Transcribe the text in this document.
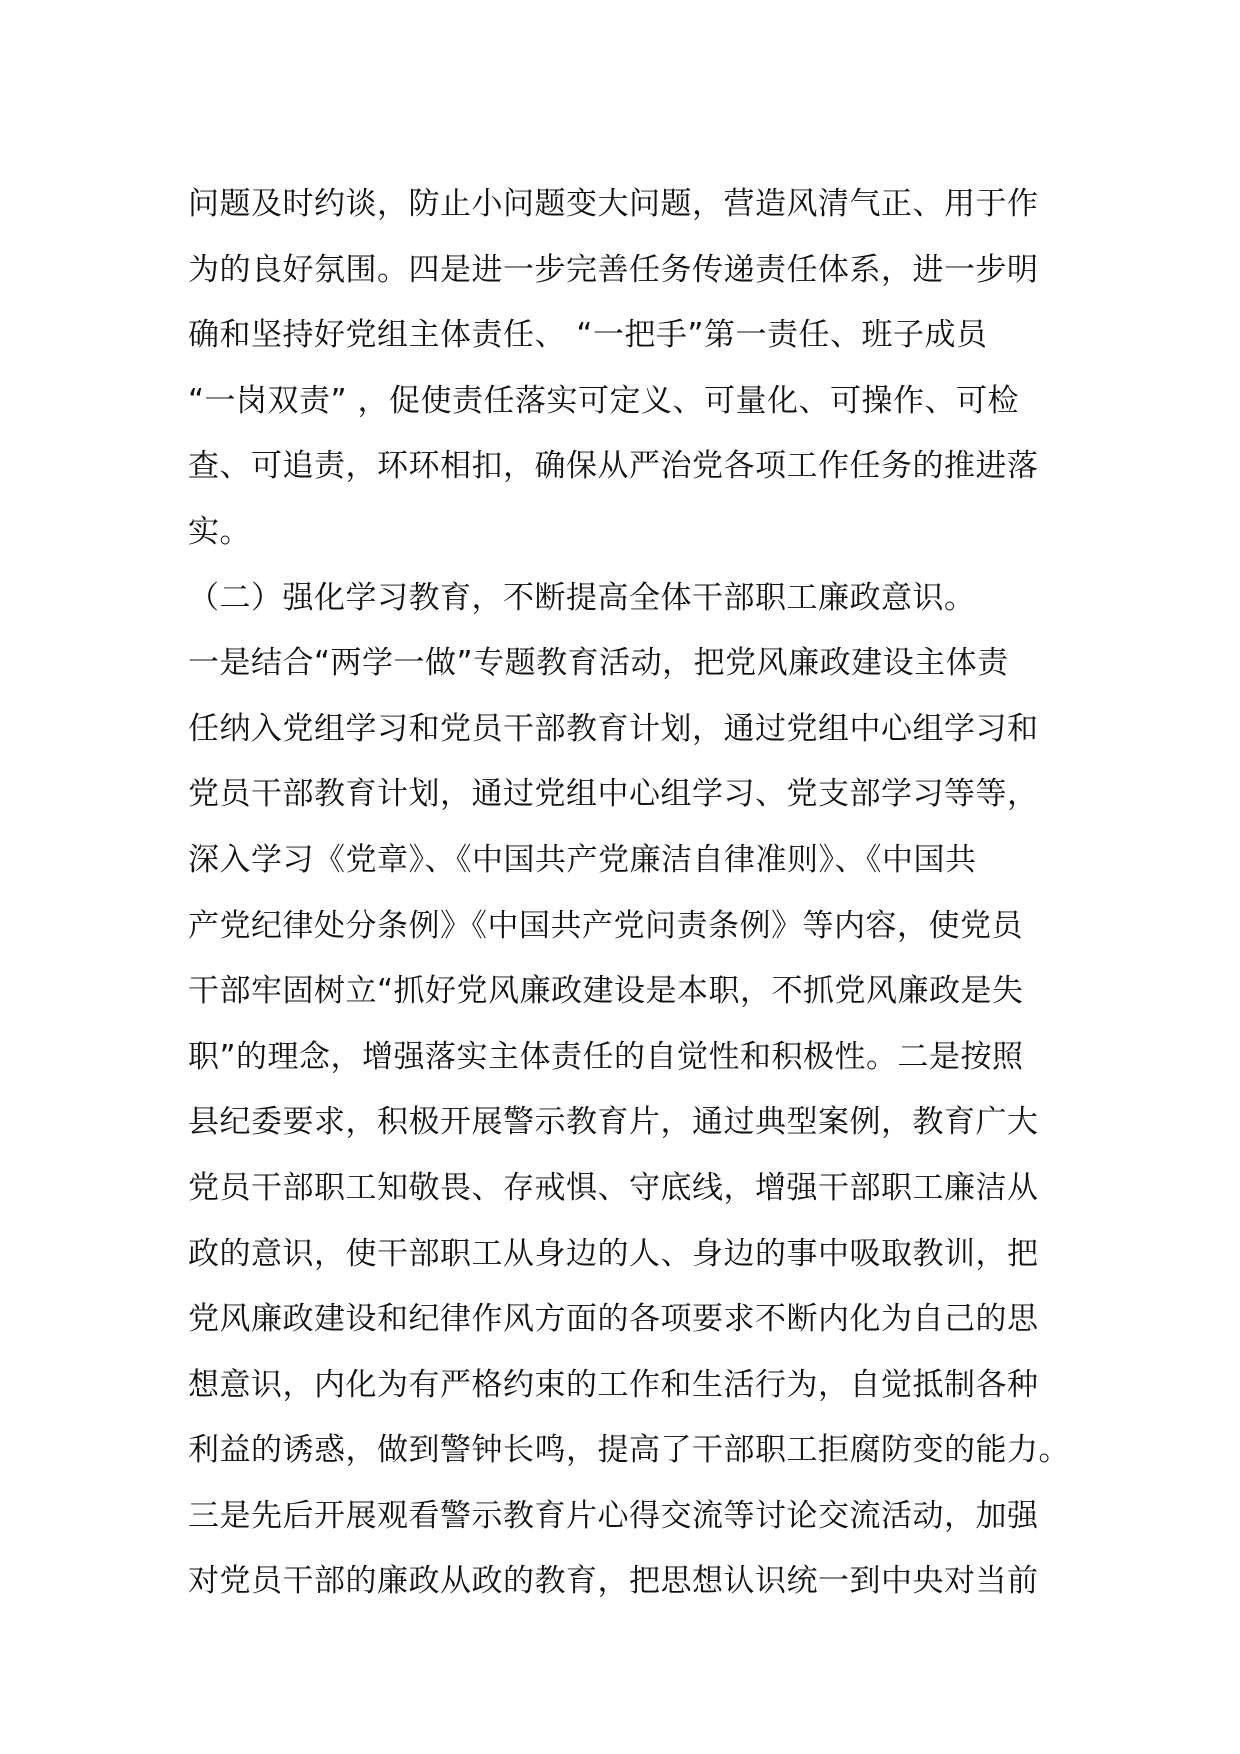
问题及时约谈，防止小问题变大问题，营造风清气正、用于作
为的良好氛围。四是进一步完善任务传递责任体系，进一步明
确和坚持好党组主体责任、 “一把手”第一责任、班子成员
“一岗双责” ，促使责任落实可定义、可量化、可操作、可检
查、可追责，环环相扣，确保从严治党各项工作任务的推进落
实。
（二）强化学习教育，不断提高全体干部职工廉政意识。
一是结合“两学一做”专题教育活动，把党风廉政建设主体责
任纳入党组学习和党员干部教育计划，通过党组中心组学习和
党员干部教育计划，通过党组中心组学习、党支部学习等等，
深入学习《党章》、《中国共产党廉洁自律准则》、《中国共
产党纪律处分条例》《中国共产党问责条例》等内容，使党员
干部牢固树立“抓好党风廉政建设是本职，不抓党风廉政是失
职”的理念，增强落实主体责任的自觉性和积极性。二是按照
县纪委要求，积极开展警示教育片，通过典型案例，教育广大
党员干部职工知敬畏、存戒惧、守底线，增强干部职工廉洁从
政的意识，使干部职工从身边的人、身边的事中吸取教训，把
党风廉政建设和纪律作风方面的各项要求不断内化为自己的思
想意识，内化为有严格约束的工作和生活行为，自觉抵制各种
利益的诱惑，做到警钟长鸣，提高了干部职工拒腐防变的能力。
三是先后开展观看警示教育片心得交流等讨论交流活动，加强
对党员干部的廉政从政的教育，把思想认识统一到中央对当前
